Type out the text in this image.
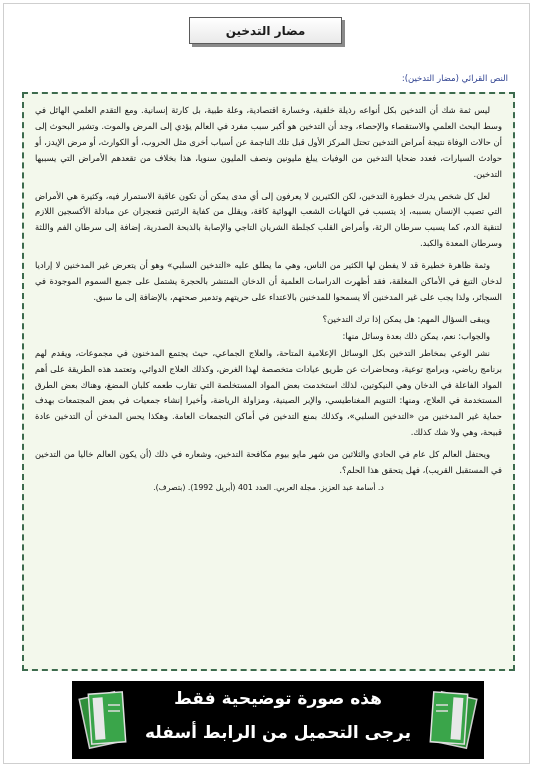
مضار التدخين
النص القرائي (مضار التدخين):

ليس ثمة شك أن التدخين بكل أنواعه رذيلة خلقية، وخسارة اقتصادية، وعلة طبية، بل كارثة إنسانية. ومع التقدم العلمي الهائل في وسط البحث العلمي والاستقصاء والإحصاء، وجد أن التدخين هو أكبر سبب مفرد في العالم يؤدي إلى المرض والموت. وتشير البحوث إلى أن حالات الوفاة نتيجة أمراض التدخين تحتل المركز الأول قبل تلك الناجمة عن أسباب أخرى مثل الحروب، أو الكوارث، أو مرض الإيدز، أو حوادث السيارات، فعدد ضحايا التدخين من الوفيات يبلغ مليونين ونصف المليون سنويا، هذا بخلاف من تقعدهم الأمراض التي يسببها التدخين.

لعل كل شخص يدرك خطورة التدخين، لكن الكثيرين لا يعرفون إلى أي مدى يمكن أن تكون عاقبة الاستمرار فيه، وكثيرة هي الأمراض التي تصيب الإنسان بسببه، إذ يتسبب في التهابات الشعب الهوائية كافة، ويقلل من كفاية الرئتين فتعجزان عن مبادلة الأكسجين اللازم لتنقية الدم، كما يسبب سرطان الرئة، وأمراض القلب كجلطة الشريان التاجي والإصابة بالذبحة الصدرية، إضافة إلى سرطان الفم واللثة وسرطان المعدة والكبد.

وثمة ظاهرة خطيرة قد لا يفطن لها الكثير من الناس، وهي ما يطلق عليه «التدخين السلبي» وهو أن يتعرض غير المدخنين لا إراديا لدخان التبغ في الأماكن المغلقة، فقد أظهرت الدراسات العلمية أن الدخان المنتشر بالحجرة يشتمل على جميع السموم الموجودة في السجائر، ولذا يجب على غير المدخنين ألا يسمحوا للمدخنين بالاعتداء على حريتهم وتدمير صحتهم، بالإضافة إلى ما سبق.

ويبقى السؤال المهم: هل يمكن إذا ترك التدخين؟

والجواب: نعم، يمكن ذلك بعدة وسائل منها:

نشر الوعي بمخاطر التدخين بكل الوسائل الإعلامية المتاحة، والعلاج الجماعي، حيث يجتمع المدخنون في مجموعات، ويقدم لهم برنامج رياضي، وبرامج توعية، ومحاضرات عن طريق عيادات متخصصة لهذا الغرض، وكذلك العلاج الدوائي، وتعتمد هذه الطريقة على أهم المواد الفاعلة في الدخان وهي النيكوتين، لذلك استخدمت بعض المواد المستخلصة التي تقارب طعمه كلبان المضغ، وهناك بعض الطرق المستخدمة في العلاج، ومنها: التنويم المغناطيسي، والإبر الصينية، ومزاولة الرياضة، وأخيرا إنشاء جمعيات في بعض المجتمعات بهدف حماية غير المدخنين من «التدخين السلبي»، وكذلك بمنع التدخين في أماكن التجمعات العامة. وهكذا يحس المدخن أن التدخين عادة قبيحة، وهي ولا شك كذلك.

ويحتفل العالم كل عام في الحادي والثلاثين من شهر مايو بيوم مكافحة التدخين، وشعاره في ذلك (أن يكون العالم خاليا من التدخين في المستقبل القريب)، فهل يتحقق هذا الحلم؟.

د. أسامة عبد العزيز. مجلة العربي. العدد 401 (أبريل 1992). (بتصرف).

هذه صورة توضيحية فقط
يرجى التحميل من الرابط أسفله
